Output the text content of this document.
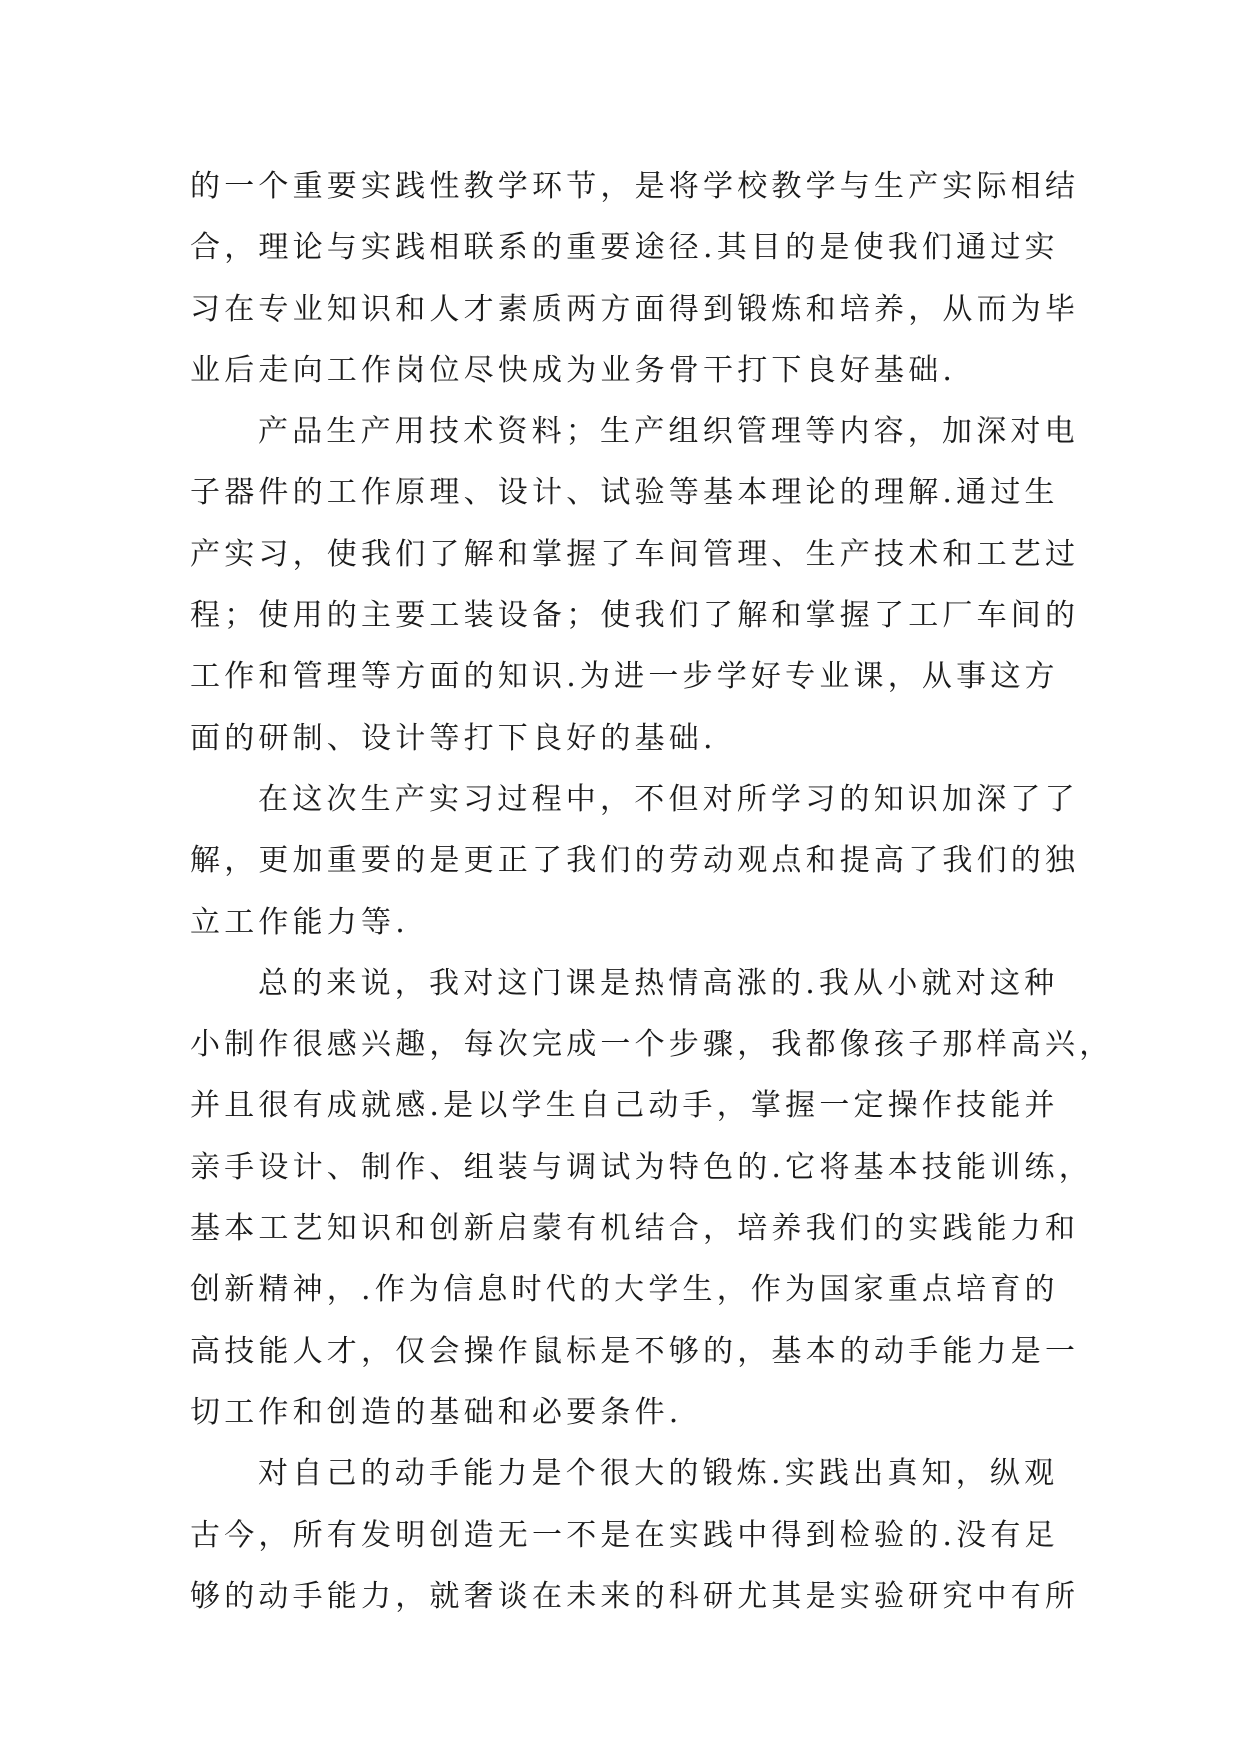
的一个重要实践性教学环节，是将学校教学与生产实际相结
合，理论与实践相联系的重要途径.其目的是使我们通过实
习在专业知识和人才素质两方面得到锻炼和培养，从而为毕
业后走向工作岗位尽快成为业务骨干打下良好基础.
产品生产用技术资料；生产组织管理等内容，加深对电
子器件的工作原理、设计、试验等基本理论的理解.通过生
产实习，使我们了解和掌握了车间管理、生产技术和工艺过
程；使用的主要工装设备；使我们了解和掌握了工厂车间的
工作和管理等方面的知识.为进一步学好专业课，从事这方
面的研制、设计等打下良好的基础.
在这次生产实习过程中，不但对所学习的知识加深了了
解，更加重要的是更正了我们的劳动观点和提高了我们的独
立工作能力等.
总的来说，我对这门课是热情高涨的.我从小就对这种
小制作很感兴趣，每次完成一个步骤，我都像孩子那样高兴，
并且很有成就感.是以学生自己动手，掌握一定操作技能并
亲手设计、制作、组装与调试为特色的.它将基本技能训练，
基本工艺知识和创新启蒙有机结合，培养我们的实践能力和
创新精神，.作为信息时代的大学生，作为国家重点培育的
高技能人才，仅会操作鼠标是不够的，基本的动手能力是一
切工作和创造的基础和必要条件.
对自己的动手能力是个很大的锻炼.实践出真知，纵观
古今，所有发明创造无一不是在实践中得到检验的.没有足
够的动手能力，就奢谈在未来的科研尤其是实验研究中有所
